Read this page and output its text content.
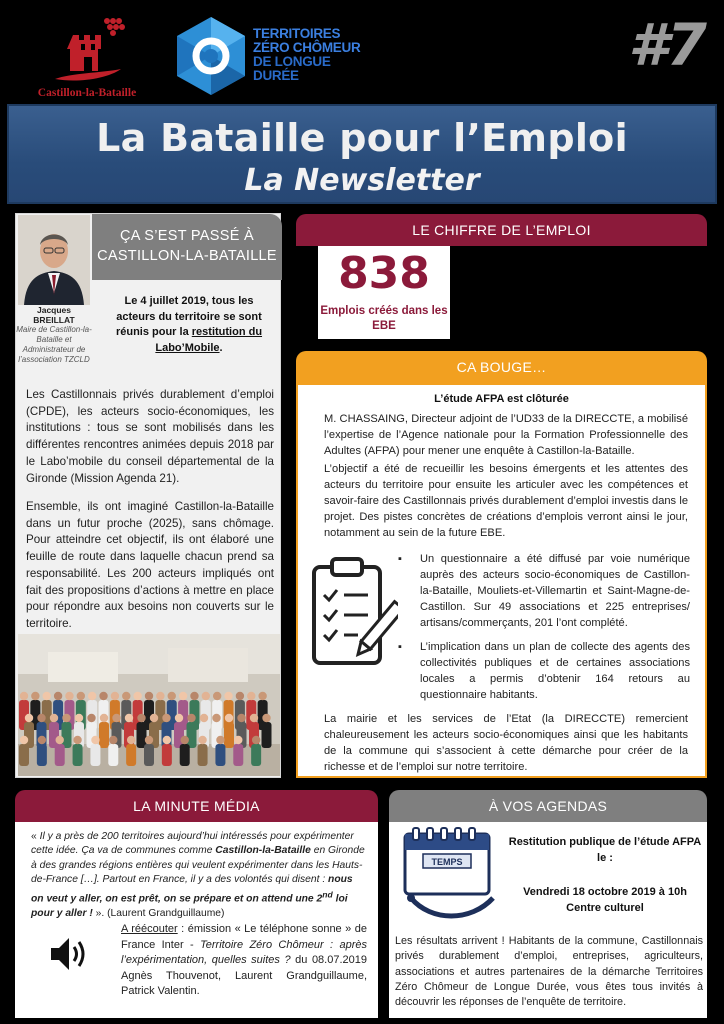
Castillon-la-Bataille
TERRITOIRES
ZÉRO CHÔMEUR
DE LONGUE
DURÉE	#7
La Bataille pour l’Emploi
La Newsletter
Jacques BREILLAT
Maire de Castillon-la-Bataille et Administrateur de l’association TZCLD
ÇA S’EST PASSÉ À CASTILLON-LA-BATAILLE
Le 4 juillet 2019, tous les acteurs du territoire se sont réunis pour la restitution du Labo’Mobile.
Les Castillonnais privés durablement d’emploi (CPDE), les acteurs socio-économiques, les institutions : tous se sont mobilisés dans les différentes rencontres animées depuis 2018 par le Labo’mobile du conseil départemental de la Gironde (Mission Agenda 21).
Ensemble, ils ont imaginé Castillon-la-Bataille dans un futur proche (2025), sans chômage. Pour atteindre cet objectif, ils ont élaboré une feuille de route dans laquelle chacun prend sa responsabilité. Les 200 acteurs impliqués ont fait des propositions d’actions à mettre en place pour répondre aux besoins non couverts sur le territoire.
LE CHIFFRE DE L’EMPLOI
838
Emplois créés dans les EBE
CA BOUGE…
L’étude AFPA est clôturée
M. CHASSAING, Directeur adjoint de l’UD33 de la DIRECCTE, a mobilisé l’expertise de l’Agence nationale pour la Formation Professionnelle des Adultes (AFPA) pour mener une enquête à Castillon-la-Bataille.
L’objectif a été de recueillir les besoins émergents et les attentes des acteurs du territoire pour ensuite les articuler avec les compétences et savoir-faire des Castillonnais privés durablement d’emploi investis dans le projet. Des pistes concrètes de créations d’emplois verront ainsi le jour, notamment au sein de la future EBE.
▪ Un questionnaire a été diffusé par voie numérique auprès des acteurs socio-économiques de Castillon-la-Bataille, Mouliets-et-Villemartin et Saint-Magne-de-Castillon. Sur 49 associations et 225 entreprises/ artisans/commerçants, 201 l’ont complété.
▪ L’implication dans un plan de collecte des agents des collectivités publiques et de certaines associations locales a permis d’obtenir 164 retours au questionnaire habitants.
La mairie et les services de l’Etat (la DIRECCTE) remercient chaleureusement les acteurs socio-économiques ainsi que les habitants de la commune qui s’associent à cette démarche pour créer de la richesse et de l’emploi sur notre territoire.
LA MINUTE MÉDIA
« Il y a près de 200 territoires aujourd’hui intéressés pour expérimenter cette idée. Ça va de communes comme Castillon-la-Bataille en Gironde à des grandes régions entières qui veulent expérimenter dans les Hauts-de-France […]. Partout en France, il y a des volontés qui disent : nous on veut y aller, on est prêt, on se prépare et on attend une 2nd loi pour y aller ! ». (Laurent Grandguillaume)
A réécouter : émission « Le téléphone sonne » de France Inter - Territoire Zéro Chômeur : après l’expérimentation, quelles suites ? du 08.07.2019 Agnès Thouvenot, Laurent Grandguillaume, Patrick Valentin.
À VOS AGENDAS
TEMPS
Restitution publique de l’étude AFPA le :
Vendredi 18 octobre 2019 à 10h
Centre culturel
Les résultats arrivent ! Habitants de la commune, Castillonnais privés durablement d’emploi, entreprises, agriculteurs, associations et autres partenaires de la démarche Territoires Zéro Chômeur de Longue Durée, vous êtes tous invités à découvrir les réponses de l’enquête de territoire.
